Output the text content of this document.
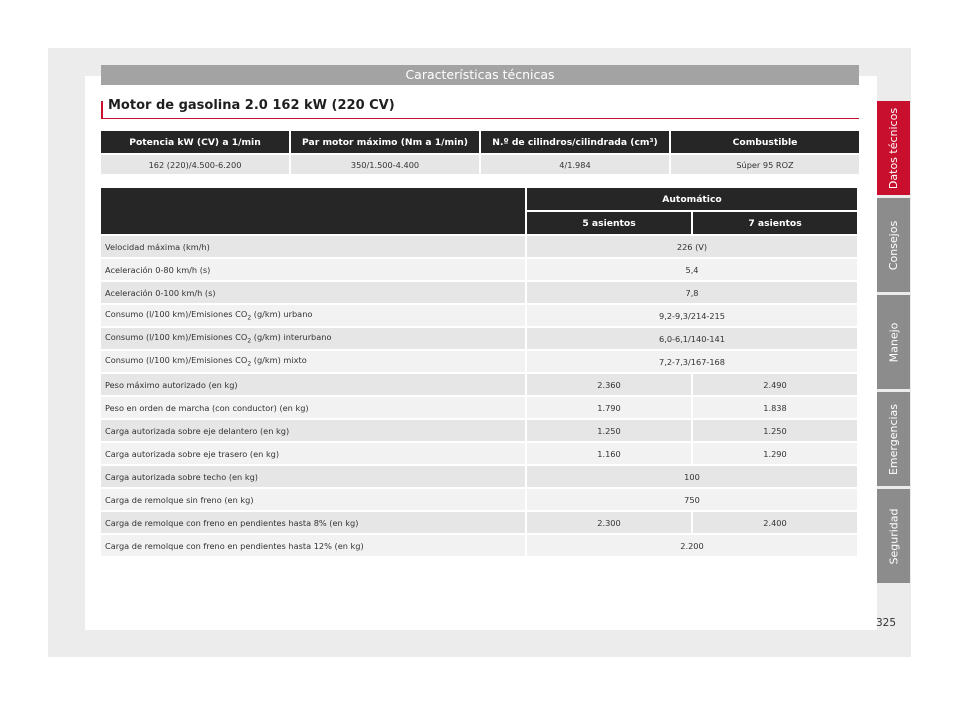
Características técnicas
Motor de gasolina 2.0 162 kW (220 CV)
Potencia kW (CV) a 1/min	Par motor máximo (Nm a 1/min)	N.º de cilindros/cilindrada (cm³)	Combustible
162 (220)/4.500-6.200	350/1.500-4.400	4/1.984	Súper 95 ROZ
	Automático	
	5 asientos	7 asientos
Velocidad máxima (km/h)	226 (V)	
Aceleración 0-80 km/h (s)	5,4	
Aceleración 0-100 km/h (s)	7,8	
Consumo (l/100 km)/Emisiones $CO_2$ (g/km) urbano	9,2-9,3/214-215	
Consumo (l/100 km)/Emisiones $CO_2$ (g/km) interurbano	6,0-6,1/140-141	
Consumo (l/100 km)/Emisiones $CO_2$ (g/km) mixto	7,2-7,3/167-168	
Peso máximo autorizado (en kg)	2.360	2.490
Peso en orden de marcha (con conductor) (en kg)	1.790	1.838
Carga autorizada sobre eje delantero (en kg)	1.250	1.250
Carga autorizada sobre eje trasero (en kg)	1.160	1.290
Carga autorizada sobre techo (en kg)	100	
Carga de remolque sin freno (en kg)	750	
Carga de remolque con freno en pendientes hasta 8% (en kg)	2.300	2.400
Carga de remolque con freno en pendientes hasta 12% (en kg)	2.200	
Datos técnicos
Consejos
Manejo
Emergencias
Seguridad
325
